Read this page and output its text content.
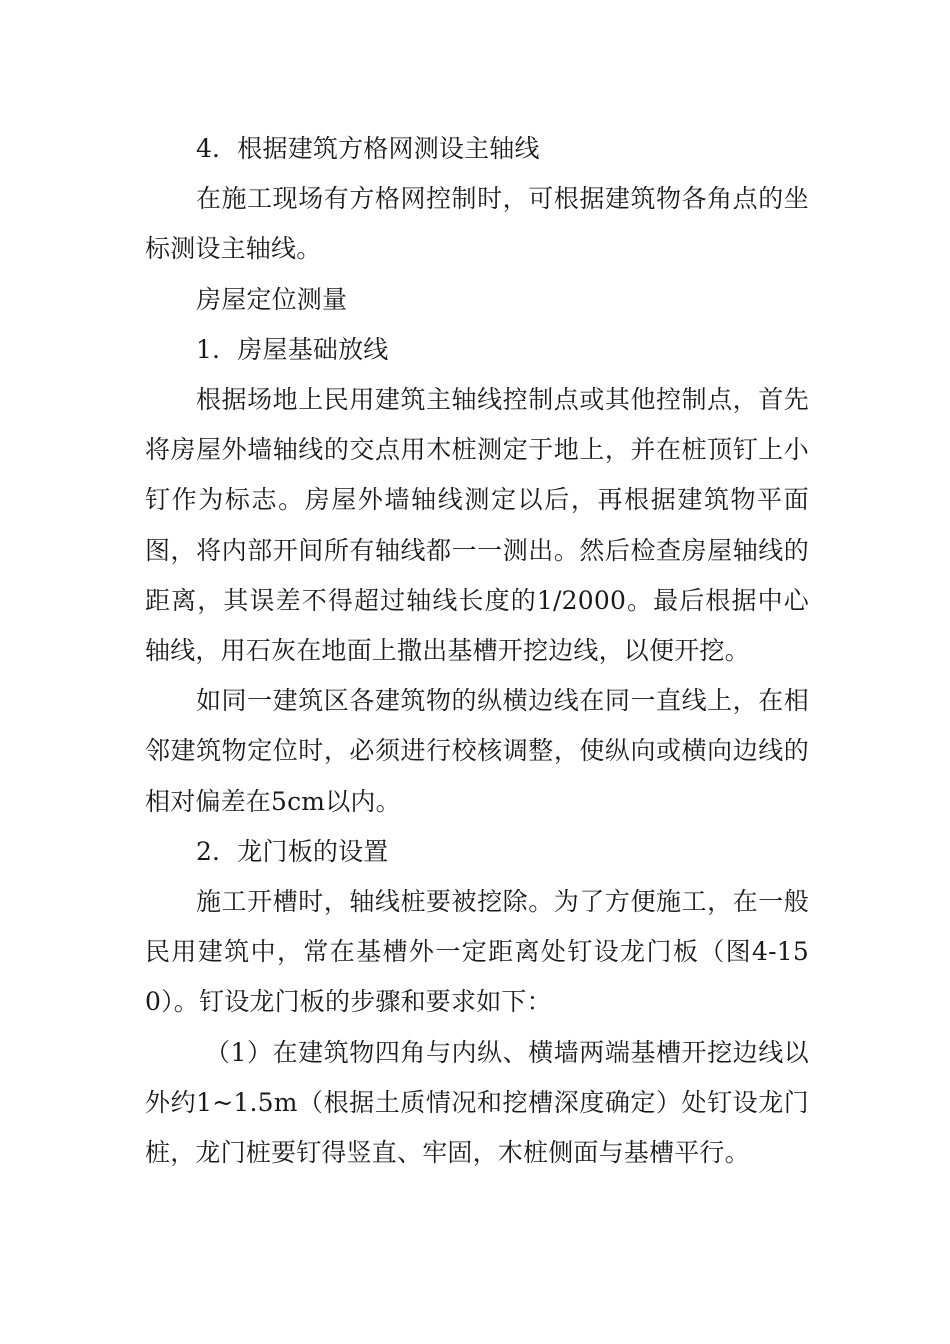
4．根据建筑方格网测设主轴线

在施工现场有方格网控制时，可根据建筑物各角点的坐标测设主轴线。

房屋定位测量

1．房屋基础放线

根据场地上民用建筑主轴线控制点或其他控制点，首先将房屋外墙轴线的交点用木桩测定于地上，并在桩顶钉上小钉作为标志。房屋外墙轴线测定以后，再根据建筑物平面图，将内部开间所有轴线都一一测出。然后检查房屋轴线的距离，其误差不得超过轴线长度的1/2000。最后根据中心轴线，用石灰在地面上撒出基槽开挖边线，以便开挖。

如同一建筑区各建筑物的纵横边线在同一直线上，在相邻建筑物定位时，必须进行校核调整，使纵向或横向边线的相对偏差在5cm以内。

2．龙门板的设置

施工开槽时，轴线桩要被挖除。为了方便施工，在一般民用建筑中，常在基槽外一定距离处钉设龙门板（图4-150）。钉设龙门板的步骤和要求如下：

（1）在建筑物四角与内纵、横墙两端基槽开挖边线以外约1~1.5m（根据土质情况和挖槽深度确定）处钉设龙门桩，龙门桩要钉得竖直、牢固，木桩侧面与基槽平行。
